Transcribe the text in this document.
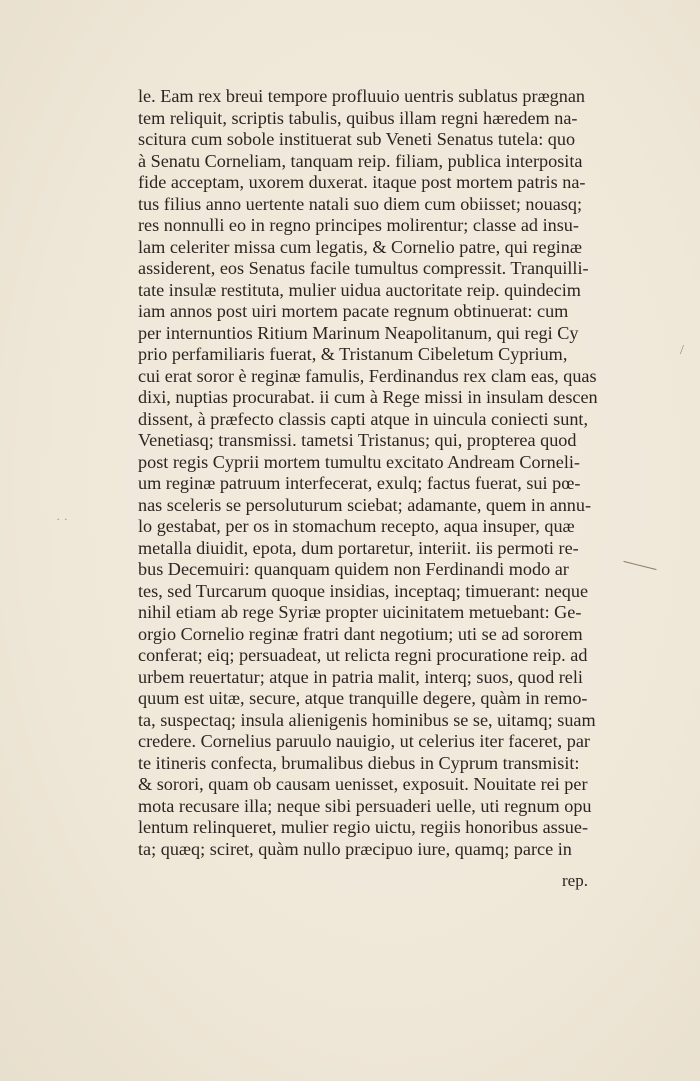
le. Eam rex breui tempore profluuio uentris sublatus prægnan
tem reliquit, scriptis tabulis, quibus illam regni hæredem na-
scitura cum sobole instituerat sub Veneti Senatus tutela: quo
à Senatu Corneliam, tanquam reip. filiam, publica interposita
fide acceptam, uxorem duxerat. itaque post mortem patris na-
tus filius anno uertente natali suo diem cum obiisset; nouasq;
res nonnulli eo in regno principes molirentur; classe ad insu-
lam celeriter missa cum legatis, & Cornelio patre, qui reginæ
assiderent, eos Senatus facile tumultus compressit. Tranquilli-
tate insulæ restituta, mulier uidua auctoritate reip. quindecim
iam annos post uiri mortem pacate regnum obtinuerat: cum
per internuntios Ritium Marinum Neapolitanum, qui regi Cy
prio perfamiliaris fuerat, & Tristanum Cibeletum Cyprium,
cui erat soror è reginæ famulis, Ferdinandus rex clam eas, quas
dixi, nuptias procurabat. ii cum à Rege missi in insulam descen
dissent, à præfecto classis capti atque in uincula coniecti sunt,
Venetiasq; transmissi. tametsi Tristanus; qui, propterea quod
post regis Cyprii mortem tumultu excitato Andream Corneli-
um reginæ patruum interfecerat, exulq; factus fuerat, sui pœ-
nas sceleris se persoluturum sciebat; adamante, quem in annu-
lo gestabat, per os in stomachum recepto, aqua insuper, quæ
metalla diuidit, epota, dum portaretur, interiit. iis permoti re-
bus Decemuiri: quanquam quidem non Ferdinandi modo ar
tes, sed Turcarum quoque insidias, inceptaq; timuerant: neque
nihil etiam ab rege Syriæ propter uicinitatem metuebant: Ge-
orgio Cornelio reginæ fratri dant negotium; uti se ad sororem
conferat; eiq; persuadeat, ut relicta regni procuratione reip. ad
urbem reuertatur; atque in patria malit, interq; suos, quod reli
quum est uitæ, secure, atque tranquille degere, quàm in remo-
ta, suspectaq; insula alienigenis hominibus se se, uitamq; suam
credere. Cornelius paruulo nauigio, ut celerius iter faceret, par
te itineris confecta, brumalibus diebus in Cyprum transmisit:
& sorori, quam ob causam uenisset, exposuit. Nouitate rei per
mota recusare illa; neque sibi persuaderi uelle, uti regnum opu
lentum relinqueret, mulier regio uictu, regiis honoribus assue-
ta; quæq; sciret, quàm nullo præcipuo iure, quamq; parce in
rep.
˙ ˙
/
